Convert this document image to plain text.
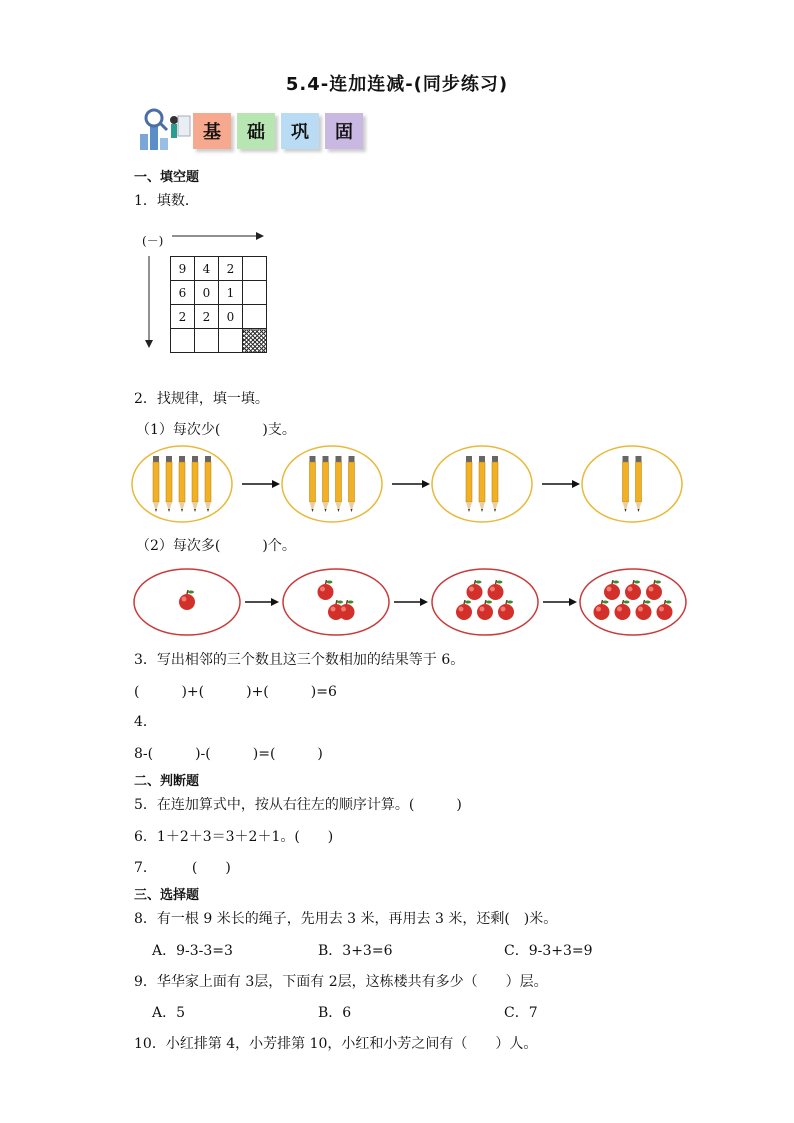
5.4-连加连减-(同步练习)
基	础	巩	固
一、填空题
1．填数．
(－)
9	4	2	
6	0	1	
2	2	0	

2．找规律，填一填。
（1）每次少(　　　)支。
（2）每次多(　　　)个。
3．写出相邻的三个数且这三个数相加的结果等于 6。
(　　　)+(　　　)+(　　　)=6
4．
8-(　　　)-(　　　)=(　　　)
二、判断题
5．在连加算式中，按从右往左的顺序计算。(　　　)
6．1＋2＋3＝3＋2＋1。(　　)
7．　　　(　　)
三、选择题
8．有一根 9 米长的绳子，先用去 3 米，再用去 3 米，还剩(　)米。
A．9-3-3=3	B．3+3=6	C．9-3+3=9
9．华华家上面有 3层，下面有 2层，这栋楼共有多少（　　）层。
A．5	B．6	C．7
10．小红排第 4，小芳排第 10，小红和小芳之间有（　　）人。
